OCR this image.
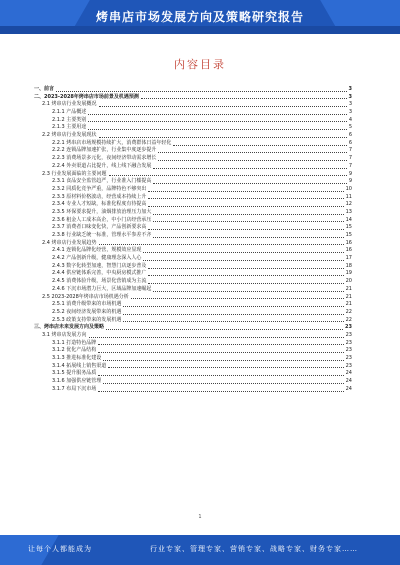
烤串店市场发展方向及策略研究报告
内容目录
一、前言	3
二、2023-2028年烤串店市场前景及机遇预测	3
2.1 烤串店行业发展概况	3
2.1.1 产品概述	3
2.1.2 主要类别	4
2.1.3 主要用途	5
2.2 烤串店行业发展现状	6
2.2.1 烤串店市场规模持续扩大，消费群体日益年轻化	6
2.2.2 连锁品牌加速扩张，行业集中度逐步提升	7
2.2.3 消费场景多元化，夜间经济带动需求增长	7
2.2.4 外卖渠道占比提升，线上线下融合发展	7
2.3 行业发展面临的主要问题	9
2.3.1 食品安全监管趋严，行业准入门槛提高	9
2.3.2 同质化竞争严重，品牌特色不够突出	10
2.3.3 原材料价格波动，经营成本持续上升	11
2.3.4 专业人才短缺，标准化程度有待提高	12
2.3.5 环保要求提升，油烟排放治理压力加大	13
2.3.6 租金人工成本高企，中小门店经营承压	14
2.3.7 消费者口味变化快，产品创新要求高	15
2.3.8 行业缺乏统一标准，管理水平参差不齐	15
2.4 烤串店行业发展趋势	16
2.4.1 连锁化品牌化经营，规模效应显现	16
2.4.2 产品创新升级，健康理念深入人心	17
2.4.3 数字化转型加速，智慧门店逐步普及	18
2.4.4 供应链体系完善，中央厨房模式推广	19
2.4.5 消费体验升级，场景化营销成为主流	20
2.4.6 下沉市场潜力巨大，区域品牌加速崛起	21
2.5 2023-2028年烤串店市场机遇分析	21
2.5.1 消费升级带来的市场机遇	21
2.5.2 夜间经济发展带来的机遇	22
2.5.3 政策支持带来的发展机遇	22
三、烤串店未来发展方向及策略	23
3.1 烤串店发展方向	23
3.1.1 打造特色品牌	23
3.1.2 优化产品结构	23
3.1.3 推进标准化建设	23
3.1.4 拓展线上销售渠道	23
3.1.5 提升服务品质	24
3.1.6 加强供应链管理	24
3.1.7 布局下沉市场	24
1
让每个人都能成为	行业专家、管理专家、营销专家、战略专家、财务专家……
